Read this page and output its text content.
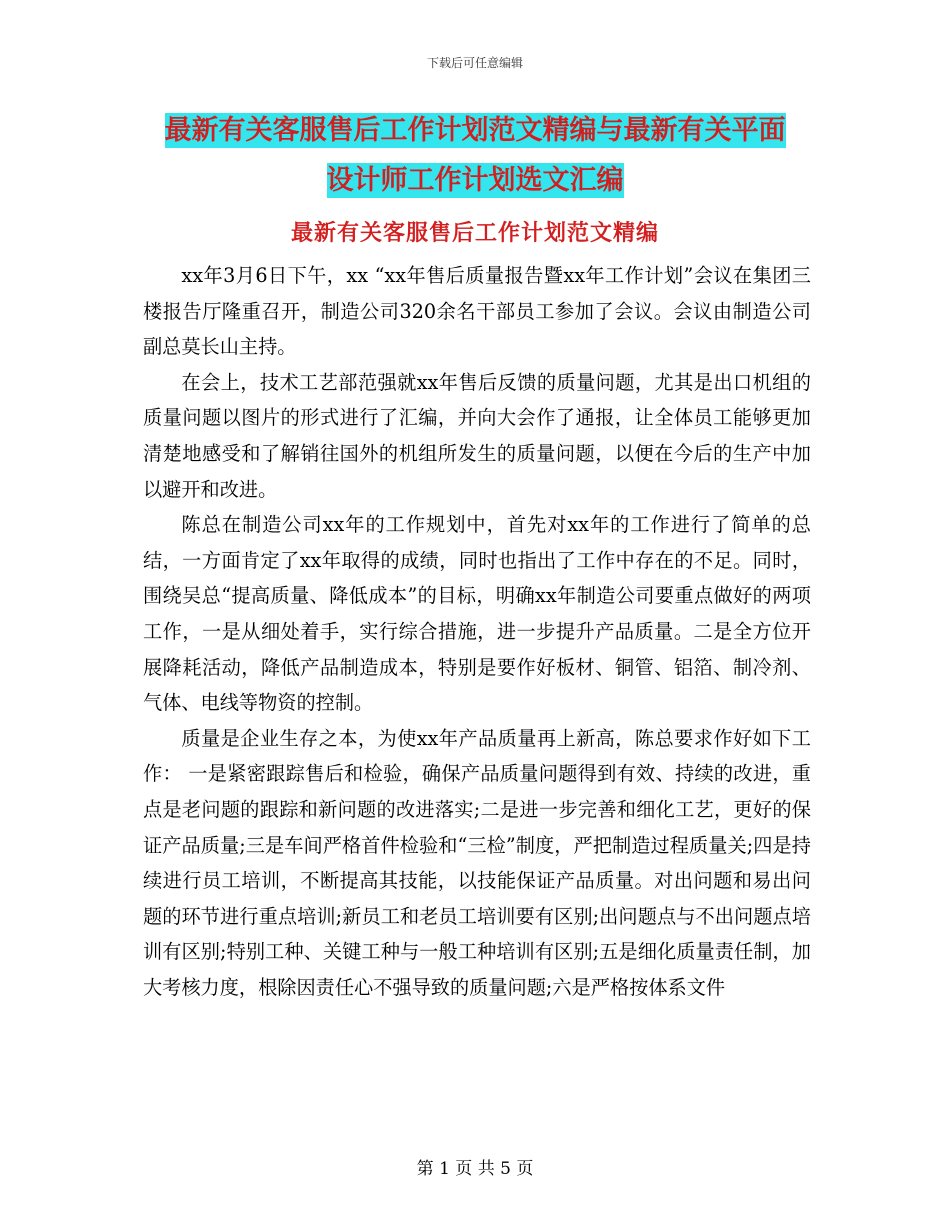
下载后可任意编辑
最新有关客服售后工作计划范文精编与最新有关平面
设计师工作计划选文汇编
最新有关客服售后工作计划范文精编

xx年3月6日下午，xx “xx年售后质量报告暨xx年工作计划”会议在集团三楼报告厅隆重召开，制造公司320余名干部员工参加了会议。会议由制造公司副总莫长山主持。

在会上，技术工艺部范强就xx年售后反馈的质量问题，尤其是出口机组的质量问题以图片的形式进行了汇编，并向大会作了通报，让全体员工能够更加清楚地感受和了解销往国外的机组所发生的质量问题，以便在今后的生产中加以避开和改进。

陈总在制造公司xx年的工作规划中，首先对xx年的工作进行了简单的总结，一方面肯定了xx年取得的成绩，同时也指出了工作中存在的不足。同时，围绕吴总“提高质量、降低成本”的目标，明确xx年制造公司要重点做好的两项工作，一是从细处着手，实行综合措施，进一步提升产品质量。二是全方位开展降耗活动，降低产品制造成本，特别是要作好板材、铜管、铝箔、制冷剂、气体、电线等物资的控制。

质量是企业生存之本，为使xx年产品质量再上新高，陈总要求作好如下工作： 一是紧密跟踪售后和检验，确保产品质量问题得到有效、持续的改进，重点是老问题的跟踪和新问题的改进落实;二是进一步完善和细化工艺，更好的保证产品质量;三是车间严格首件检验和“三检”制度，严把制造过程质量关;四是持续进行员工培训，不断提高其技能，以技能保证产品质量。对出问题和易出问题的环节进行重点培训;新员工和老员工培训要有区别;出问题点与不出问题点培训有区别;特别工种、关键工种与一般工种培训有区别;五是细化质量责任制，加大考核力度，根除因责任心不强导致的质量问题;六是严格按体系文件

第 1 页 共 5 页
